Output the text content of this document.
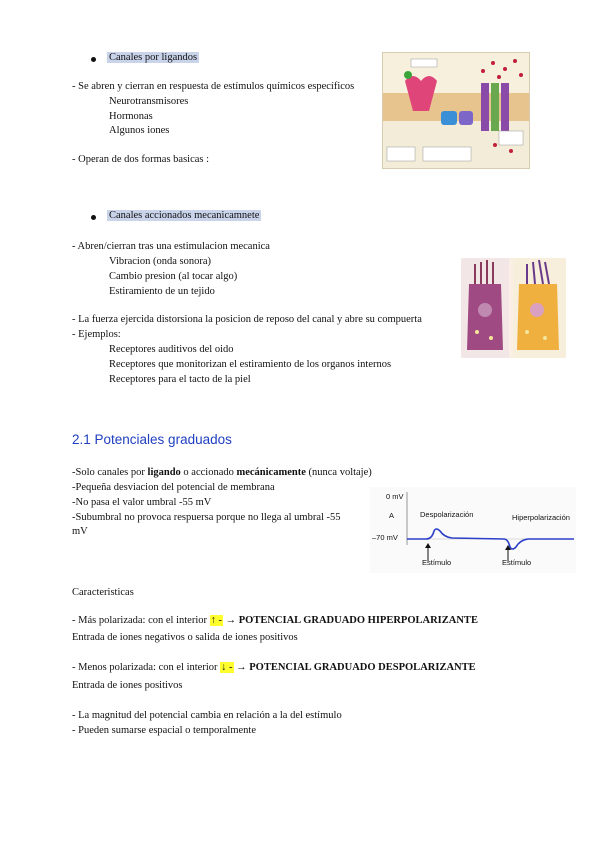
Canales por ligandos
- Se abren y cierran en respuesta de estímulos químicos específicos
Neurotransmisores
Hormonas
Algunos iones
- Operan de dos formas basicas :
Canales accionados mecanicamnete
- Abren/cierran tras una estimulacion mecanica
Vibracion (onda sonora)
Cambio presion (al tocar algo)
Estiramiento de un tejido
- La fuerza ejercida distorsiona la posicion de reposo del canal y abre su compuerta
- Ejemplos:
Receptores auditivos del oido
Receptores que monitorizan el estiramiento de los organos internos
Receptores para el tacto de la piel
2.1 Potenciales graduados
-Solo canales por ligando o accionado mecánicamente (nunca voltaje)
-Pequeña desviacion del potencial de membrana
-No pasa el valor umbral -55 mV
-Subumbral no provoca respuersa porque no llega al umbral -55
mV
0 mV
A
–70 mV
Despolarización	Hiperpolarización
Estímulo	Estímulo
Caracteristicas
- Más polarizada: con el interior ↑ - → POTENCIAL GRADUADO HIPERPOLARIZANTE
Entrada de iones negativos o salida de iones positivos
- Menos polarizada: con el interior ↓ - → POTENCIAL GRADUADO DESPOLARIZANTE
Entrada de iones positivos
- La magnitud del potencial cambia en relación a la del estímulo
- Pueden sumarse espacial o temporalmente
